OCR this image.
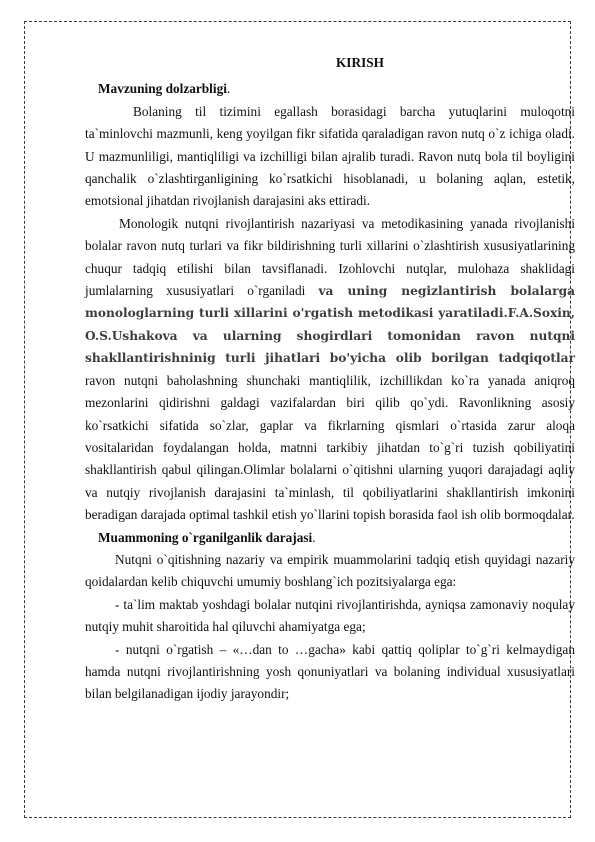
KIRISH
Mavzuning dolzarbligi.

Bolaning til tizimini egallash borasidagi barcha yutuqlarini muloqotni ta`minlovchi mazmunli, keng yoyilgan fikr sifatida qaraladigan ravon nutq o`z ichiga oladi. U mazmunliligi, mantiqliligi va izchilligi bilan ajralib turadi. Ravon nutq bola til boyligini qanchalik o`zlashtirganligining ko`rsatkichi hisoblanadi, u bolaning aqlan, estetik, emotsional jihatdan rivojlanish darajasini aks ettiradi.

Monologik nutqni rivojlantirish nazariyasi va metodikasining yanada rivojlanishi bolalar ravon nutq turlari va fikr bildirishning turli xillarini o`zlashtirish xususiyatlarining chuqur tadqiq etilishi bilan tavsiflanadi. Izohlovchi nutqlar, mulohaza shaklidagi jumlalarning xususiyatlari o`rganiladi va uning negizlantirish bolalarga monologlarning turli xillarini o'rgatish metodikasi yaratiladi.F.A.Soxin, O.S.Ushakova va ularning shogirdlari tomonidan ravon nutqni shakllantirishninig turli jihatlari bo'yicha olib borilgan tadqiqotlar ravon nutqni baholashning shunchaki mantiqlilik, izchillikdan ko`ra yanada aniqroq mezonlarini qidirishni galdagi vazifalardan biri qilib qo`ydi. Ravonlikning asosiy ko`rsatkichi sifatida so`zlar, gaplar va fikrlarning qismlari o`rtasida zarur aloqa vositalaridan foydalangan holda, matnni tarkibiy jihatdan to`g`ri tuzish qobiliyatini shakllantirish qabul qilingan.Olimlar bolalarni o`qitishni ularning yuqori darajadagi aqliy va nutqiy rivojlanish darajasini ta`minlash, til qobiliyatlarini shakllantirish imkonini beradigan darajada optimal tashkil etish yo`llarini topish borasida faol ish olib bormoqdalar.

Muammoning o`rganilganlik darajasi.

Nutqni o`qitishning nazariy va empirik muammolarini tadqiq etish quyidagi nazariy qoidalardan kelib chiquvchi umumiy boshlang`ich pozitsiyalarga ega:

- ta`lim maktab yoshdagi bolalar nutqini rivojlantirishda, ayniqsa zamonaviy noqulay nutqiy muhit sharoitida hal qiluvchi ahamiyatga ega;

- nutqni o`rgatish – «…dan to …gacha» kabi qattiq qoliplar to`g`ri kelmaydigan hamda nutqni rivojlantirishning yosh qonuniyatlari va bolaning individual xususiyatlari bilan belgilanadigan ijodiy jarayondir;
